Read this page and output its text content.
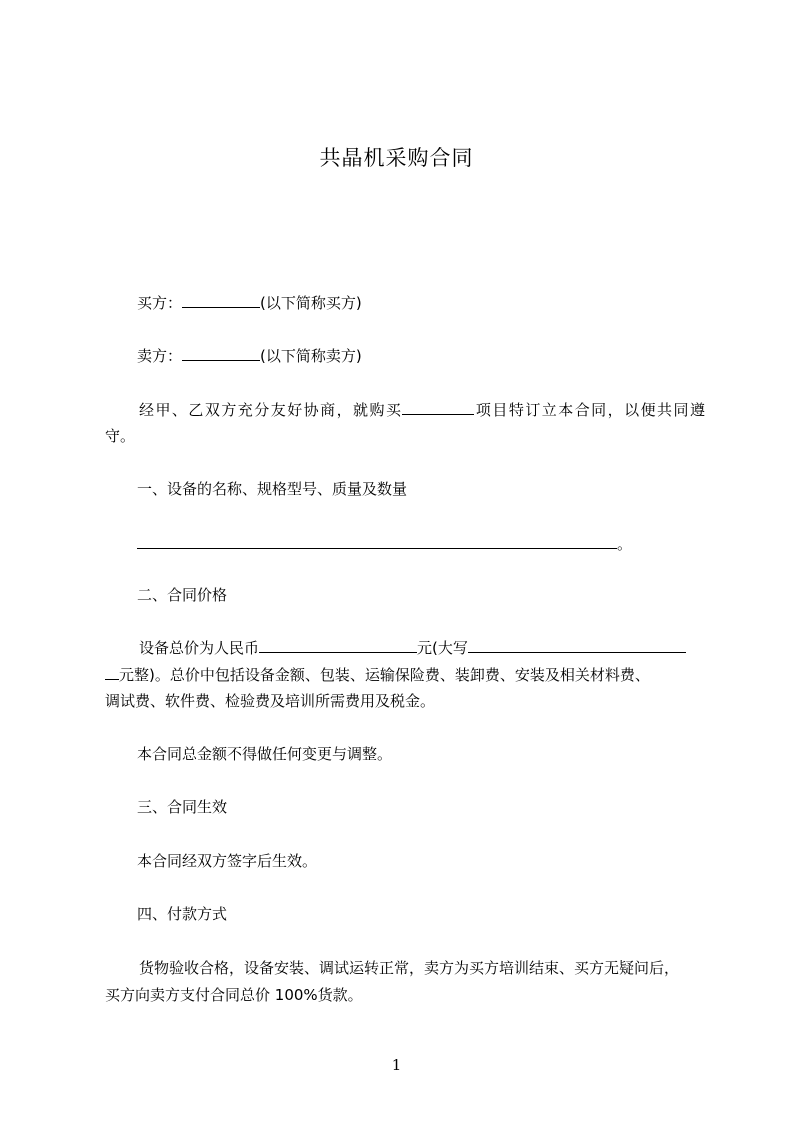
共晶机采购合同
买方：	(以下简称买方)
卖方：	(以下简称卖方)
经甲、乙双方充分友好协商，就购买	项目特订立本合同，以便共同遵
守。
一、设备的名称、规格型号、质量及数量
。
二、合同价格
设备总价为人民币	元(大写
元整)。总价中包括设备金额、包装、运输保险费、装卸费、安装及相关材料费、
调试费、软件费、检验费及培训所需费用及税金。
本合同总金额不得做任何变更与调整。
三、合同生效
本合同经双方签字后生效。
四、付款方式
货物验收合格，设备安装、调试运转正常，卖方为买方培训结束、买方无疑问后，
买方向卖方支付合同总价 100%货款。
1
